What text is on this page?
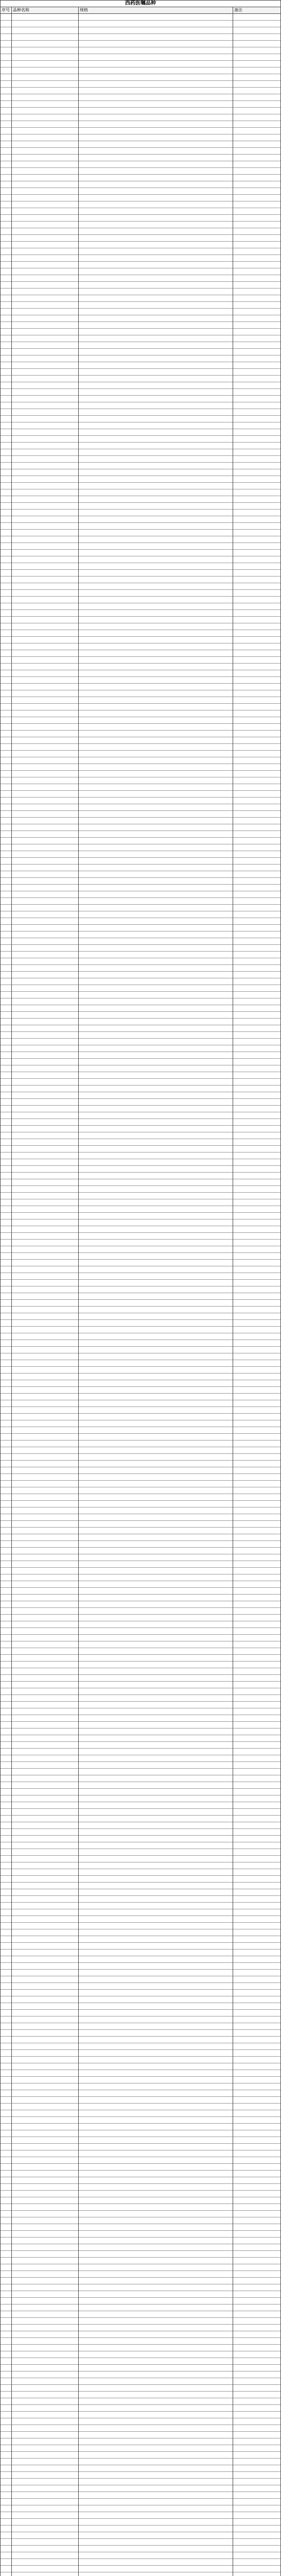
西药医嘱品种
序号 品种名称	规格	备注
